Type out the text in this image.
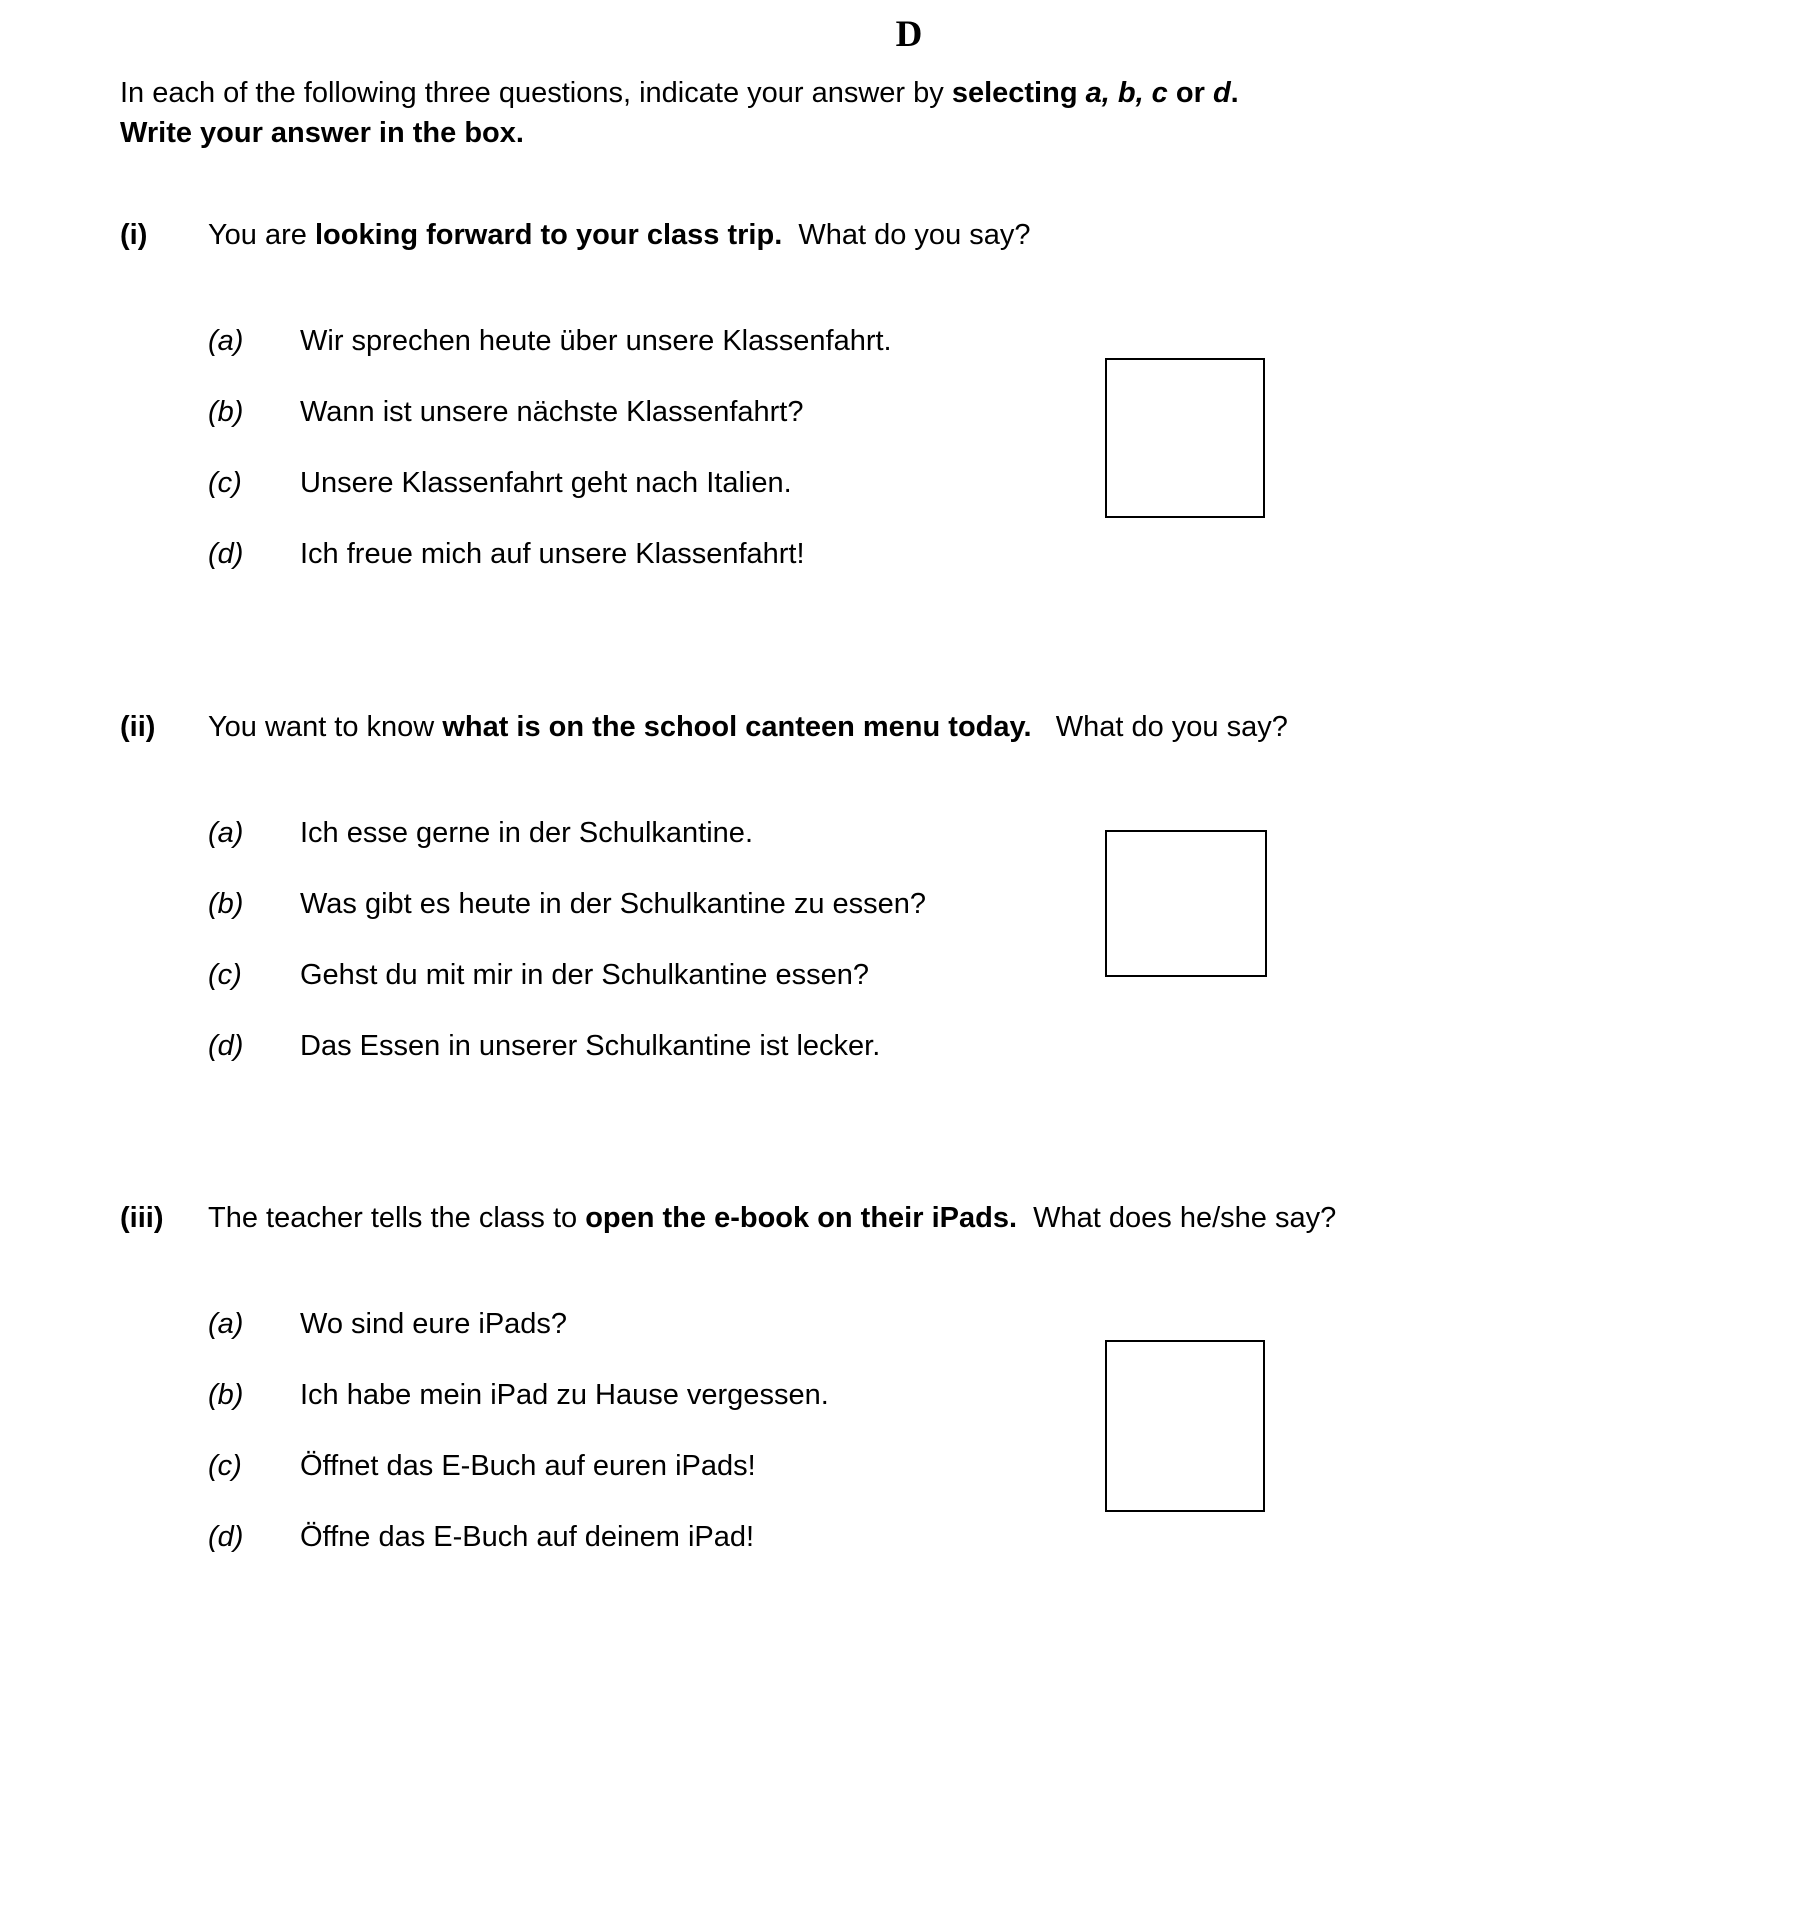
D
In each of the following three questions, indicate your answer by selecting a, b, c or d.
Write your answer in the box.
(i)	You are looking forward to your class trip.  What do you say?
(a)	Wir sprechen heute über unsere Klassenfahrt.
(b)	Wann ist unsere nächste Klassenfahrt?
(c)	Unsere Klassenfahrt geht nach Italien.
(d)	Ich freue mich auf unsere Klassenfahrt!
(ii)	You want to know what is on the school canteen menu today.   What do you say?
(a)	Ich esse gerne in der Schulkantine.
(b)	Was gibt es heute in der Schulkantine zu essen?
(c)	Gehst du mit mir in der Schulkantine essen?
(d)	Das Essen in unserer Schulkantine ist lecker.
(iii)	The teacher tells the class to open the e-book on their iPads.  What does he/she say?
(a)	Wo sind eure iPads?
(b)	Ich habe mein iPad zu Hause vergessen.
(c)	Öffnet das E-Buch auf euren iPads!
(d)	Öffne das E-Buch auf deinem iPad!
